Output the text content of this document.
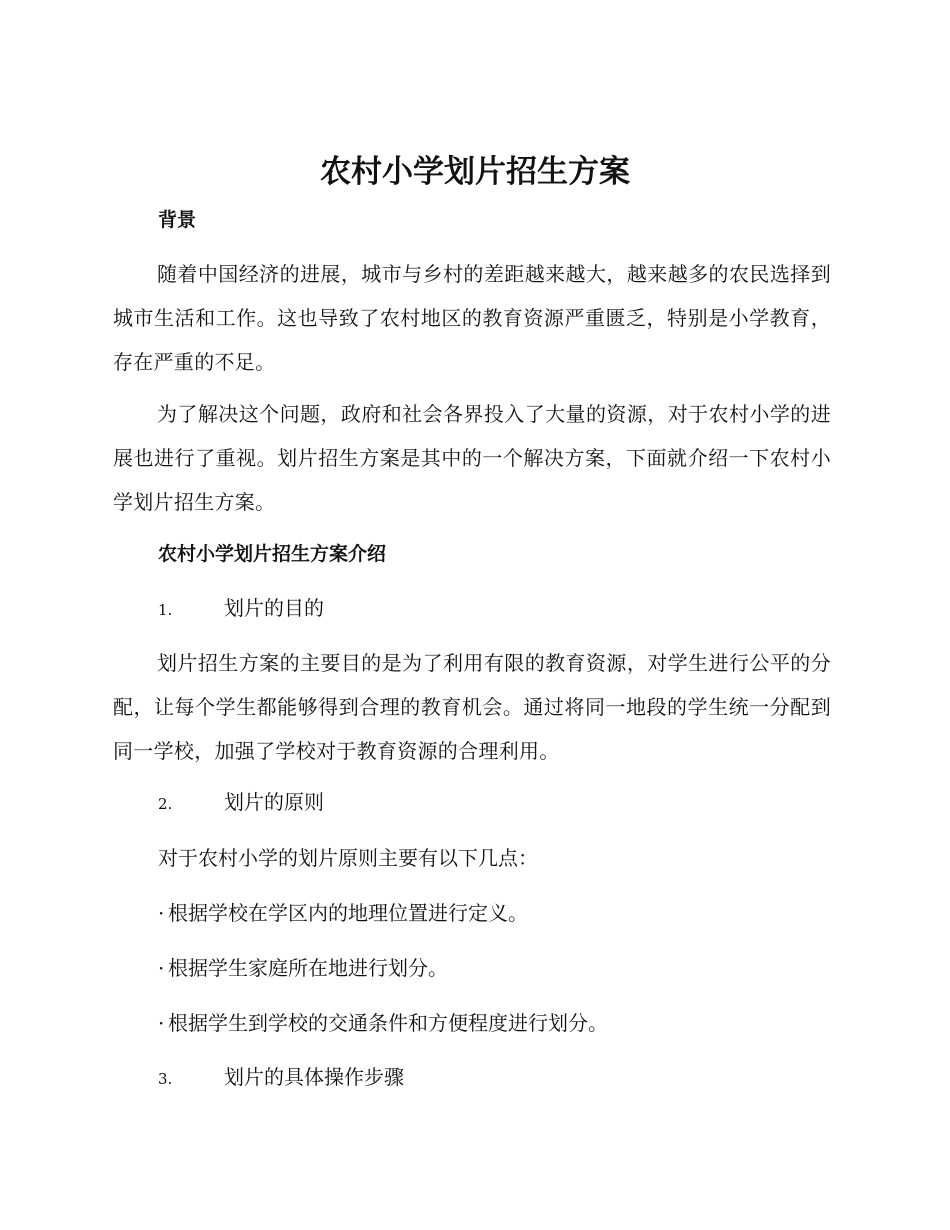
农村小学划片招生方案
背景

随着中国经济的进展，城市与乡村的差距越来越大，越来越多的农民选择到城市生活和工作。这也导致了农村地区的教育资源严重匮乏，特别是小学教育，存在严重的不足。

为了解决这个问题，政府和社会各界投入了大量的资源，对于农村小学的进展也进行了重视。划片招生方案是其中的一个解决方案，下面就介绍一下农村小学划片招生方案。

农村小学划片招生方案介绍

1.	划片的目的

划片招生方案的主要目的是为了利用有限的教育资源，对学生进行公平的分配，让每个学生都能够得到合理的教育机会。通过将同一地段的学生统一分配到同一学校，加强了学校对于教育资源的合理利用。

2.	划片的原则

对于农村小学的划片原则主要有以下几点：

· 根据学校在学区内的地理位置进行定义。

· 根据学生家庭所在地进行划分。

· 根据学生到学校的交通条件和方便程度进行划分。

3.	划片的具体操作步骤
